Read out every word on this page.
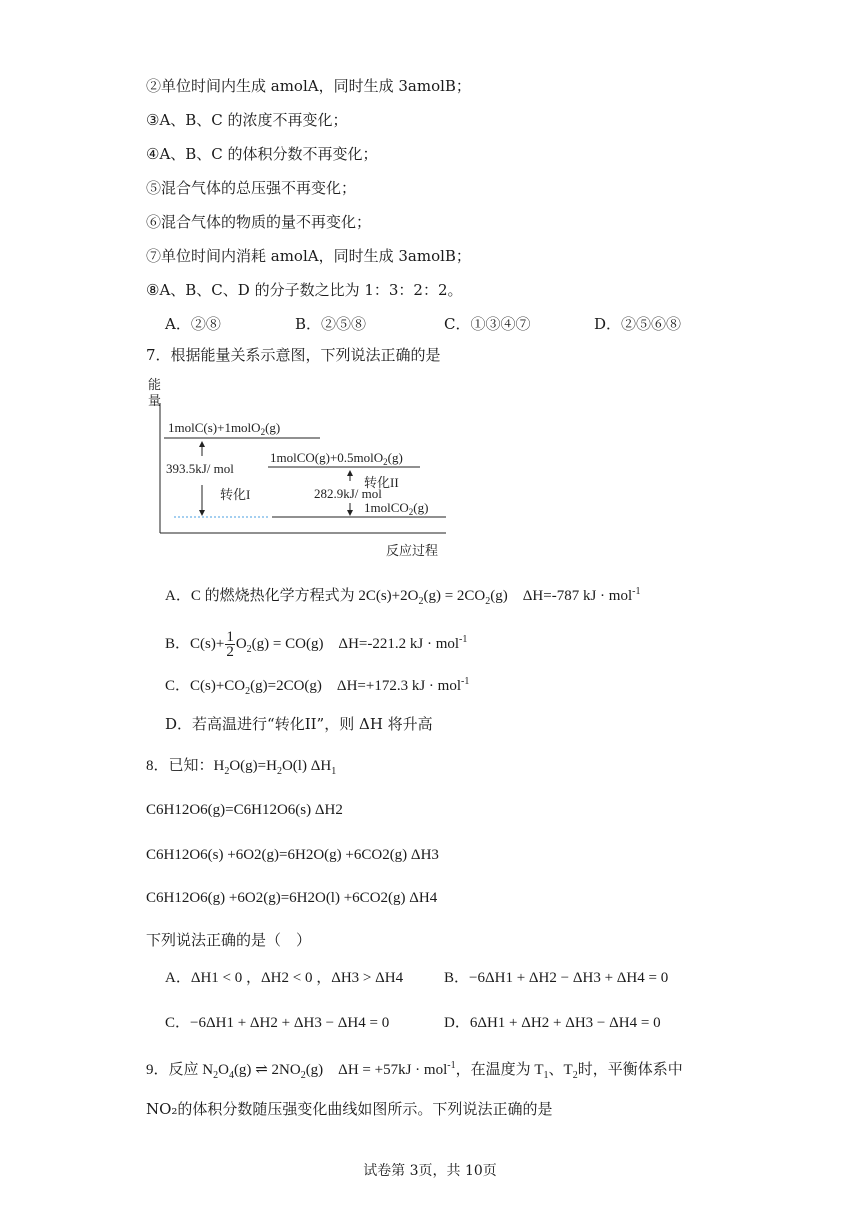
②单位时间内生成 amolA，同时生成 3amolB；
③A、B、C 的浓度不再变化；
④A、B、C 的体积分数不再变化；
⑤混合气体的总压强不再变化；
⑥混合气体的物质的量不再变化；
⑦单位时间内消耗 amolA，同时生成 3amolB；
⑧A、B、C、D 的分子数之比为 1：3：2：2。
A．②⑧	B．②⑤⑧	C．①③④⑦	D．②⑤⑥⑧
7．根据能量关系示意图，下列说法正确的是
能
量
反应过程
1molC(s)+1molO$_2$(g)
1molCO(g)+0.5molO$_2$(g)
1molCO$_2$(g)
393.5kJ/ mol
转化I
转化II
282.9kJ/ mol
A．C 的燃烧热化学方程式为 $2C(s)+2O_2(g) = 2CO_2(g)$　ΔH=-787 kJ · mol$^{-1}$
B．$C(s)+ \frac{1}{2} O_2(g) = CO(g)$　ΔH=-221.2 kJ · mol$^{-1}$
C．$C(s)+CO_2(g)=2CO(g)$　ΔH=+172.3 kJ · mol$^{-1}$
D．若高温进行“转化II”，则 ΔH 将升高
8．已知：$H_2O(g)=H_2O(l)$ $\Delta H_1$
C6H12O6(g)=C6H12O6(s) ΔH2
C6H12O6(s) +6O2(g)=6H2O(g) +6CO2(g) ΔH3
C6H12O6(g) +6O2(g)=6H2O(l) +6CO2(g) ΔH4
下列说法正确的是（　）
A．ΔH1 < 0 ，ΔH2 < 0 ，ΔH3 > ΔH4	B．−6ΔH1 + ΔH2 − ΔH3 + ΔH4 = 0
C．−6ΔH1 + ΔH2 + ΔH3 − ΔH4 = 0	D．6ΔH1 + ΔH2 + ΔH3 − ΔH4 = 0
9．反应 $N_2O_4(g)$ ⇌ $2NO_2(g)$　ΔH = +57kJ · mol$^{-1}$，在温度为 $T_1$、$T_2$时，平衡体系中
NO₂的体积分数随压强变化曲线如图所示。下列说法正确的是
试卷第 3页，共 10页
